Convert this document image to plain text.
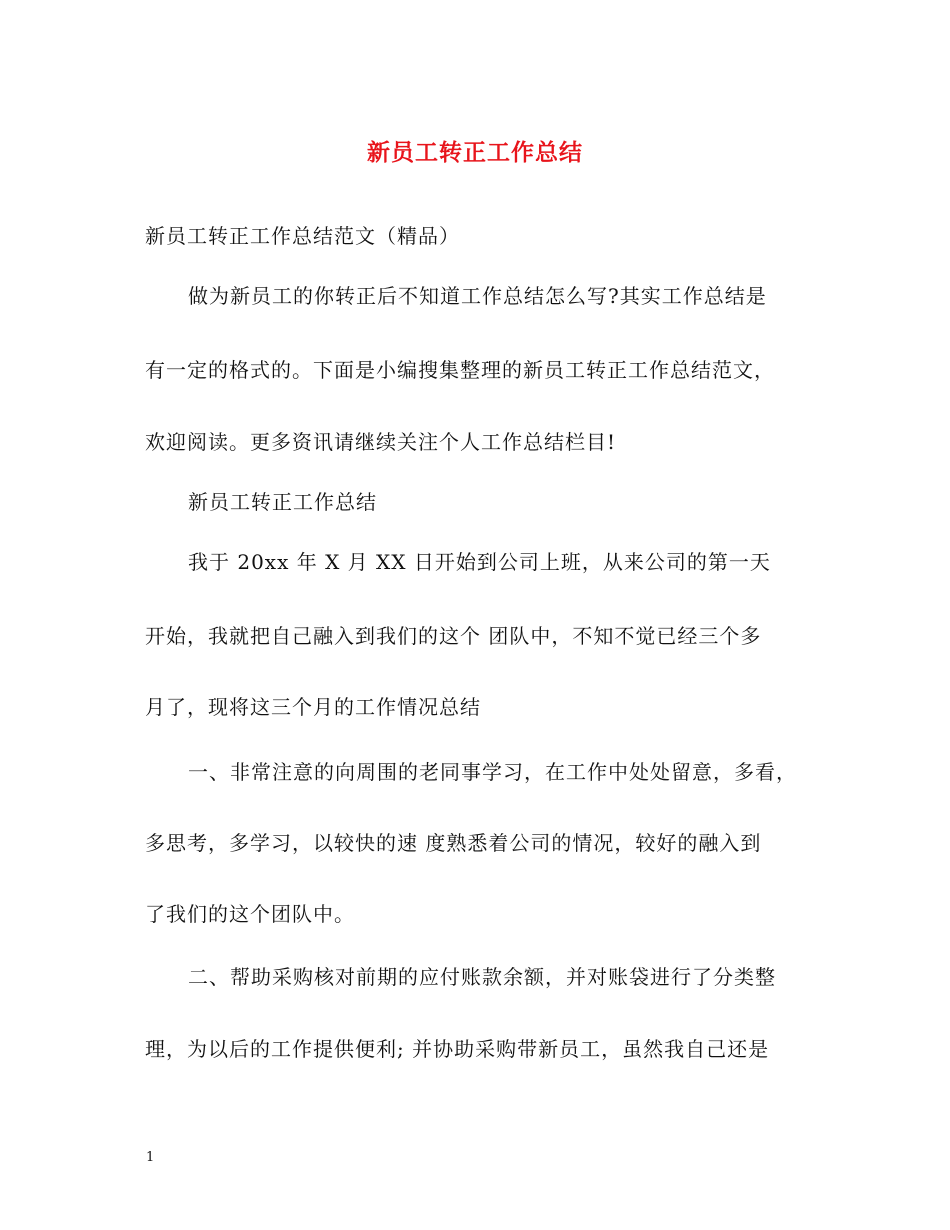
新员工转正工作总结
新员工转正工作总结范文（精品）
做为新员工的你转正后不知道工作总结怎么写?其实工作总结是
有一定的格式的。下面是小编搜集整理的新员工转正工作总结范文，
欢迎阅读。更多资讯请继续关注个人工作总结栏目!
新员工转正工作总结
我于 20xx 年 X 月 XX 日开始到公司上班，从来公司的第一天
开始，我就把自己融入到我们的这个 团队中，不知不觉已经三个多
月了，现将这三个月的工作情况总结
一、非常注意的向周围的老同事学习，在工作中处处留意，多看，
多思考，多学习，以较快的速 度熟悉着公司的情况，较好的融入到
了我们的这个团队中。
二、帮助采购核对前期的应付账款余额，并对账袋进行了分类整
理，为以后的工作提供便利; 并协助采购带新员工，虽然我自己还是
1
